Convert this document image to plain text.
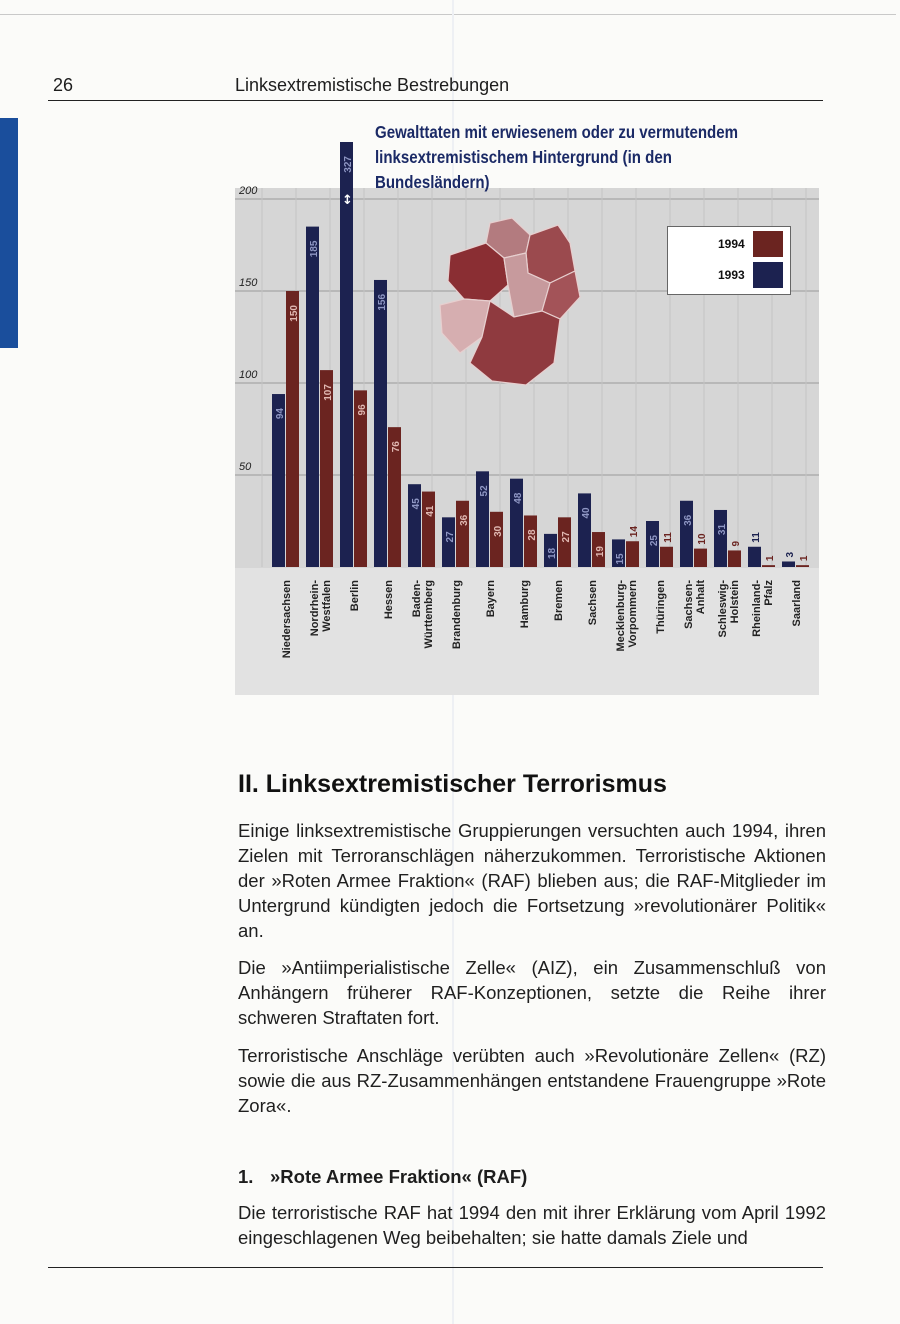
26	Linksextremistische Bestrebungen
50
100
150
200
94
150
Niedersachsen
185
107
Nordrhein- Westfalen
327
↕
96
Berlin
156
76
Hessen
45
41
Baden- Württemberg
27
36
Brandenburg
52
30
Bayern
48
28
Hamburg
18
27
Bremen
40
19
Sachsen
15
14
Mecklenburg- Vorpommern
25 11
Thüringen
36
10
Sachsen- Anhalt
31
9
Schleswig- Holstein
11
1
Rheinland- Pfalz
3
1
Saarland
Gewalttaten mit erwiesenem oder zu vermutendem
linksextremistischem Hintergrund (in den Bundesländern)
1994
1993
II. Linksextremistischer Terrorismus

Einige linksextremistische Gruppierungen versuchten auch 1994, ihren Zielen mit Terroranschlägen näherzukommen. Terroristische Aktionen der »Roten Armee Fraktion« (RAF) blieben aus; die RAF-Mitglieder im Untergrund kündigten jedoch die Fortsetzung »revolutionärer Politik« an.

Die »Antiimperialistische Zelle« (AIZ), ein Zusammenschluß von Anhängern früherer RAF-Konzeptionen, setzte die Reihe ihrer schweren Straftaten fort.

Terroristische Anschläge verübten auch »Revolutionäre Zellen« (RZ) sowie die aus RZ-Zusammenhängen entstandene Frauengruppe »Rote Zora«.

1. »Rote Armee Fraktion« (RAF)

Die terroristische RAF hat 1994 den mit ihrer Erklärung vom April 1992 eingeschlagenen Weg beibehalten; sie hatte damals Ziele und
